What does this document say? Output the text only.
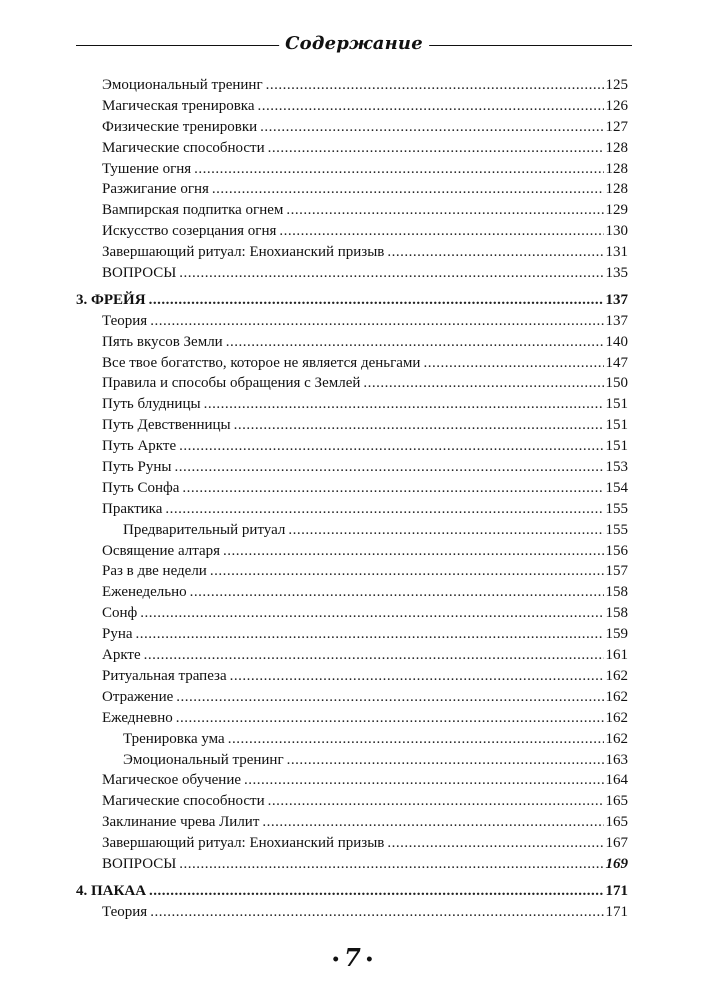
Содержание
Эмоциональный тренинг .....	125
Магическая тренировка .....	126
Физические тренировки .....	127
Магические способности .....	128
Тушение огня .....	128
Разжигание огня .....	128
Вампирская подпитка огнем .....	129
Искусство созерцания огня .....	130
Завершающий ритуал: Енохианский призыв .....	131
ВОПРОСЫ .....	135
3. ФРЕЙЯ .....	137
Теория .....	137
Пять вкусов Земли .....	140
Все твое богатство, которое не является деньгами .....	147
Правила и способы обращения с Землей .....	150
Путь блудницы .....	151
Путь Девственницы .....	151
Путь Аркте .....	151
Путь Руны .....	153
Путь Сонфа .....	154
Практика .....	155
Предварительный ритуал .....	155
Освящение алтаря .....	156
Раз в две недели .....	157
Еженедельно .....	158
Сонф .....	158
Руна .....	159
Аркте .....	161
Ритуальная трапеза .....	162
Отражение .....	162
Ежедневно .....	162
Тренировка ума .....	162
Эмоциональный тренинг .....	163
Магическое обучение .....	164
Магические способности .....	165
Заклинание чрева Лилит .....	165
Завершающий ритуал: Енохианский призыв .....	167
ВОПРОСЫ .....	169
4. ПАКАА .....	171
Теория .....	171
• 7 •
